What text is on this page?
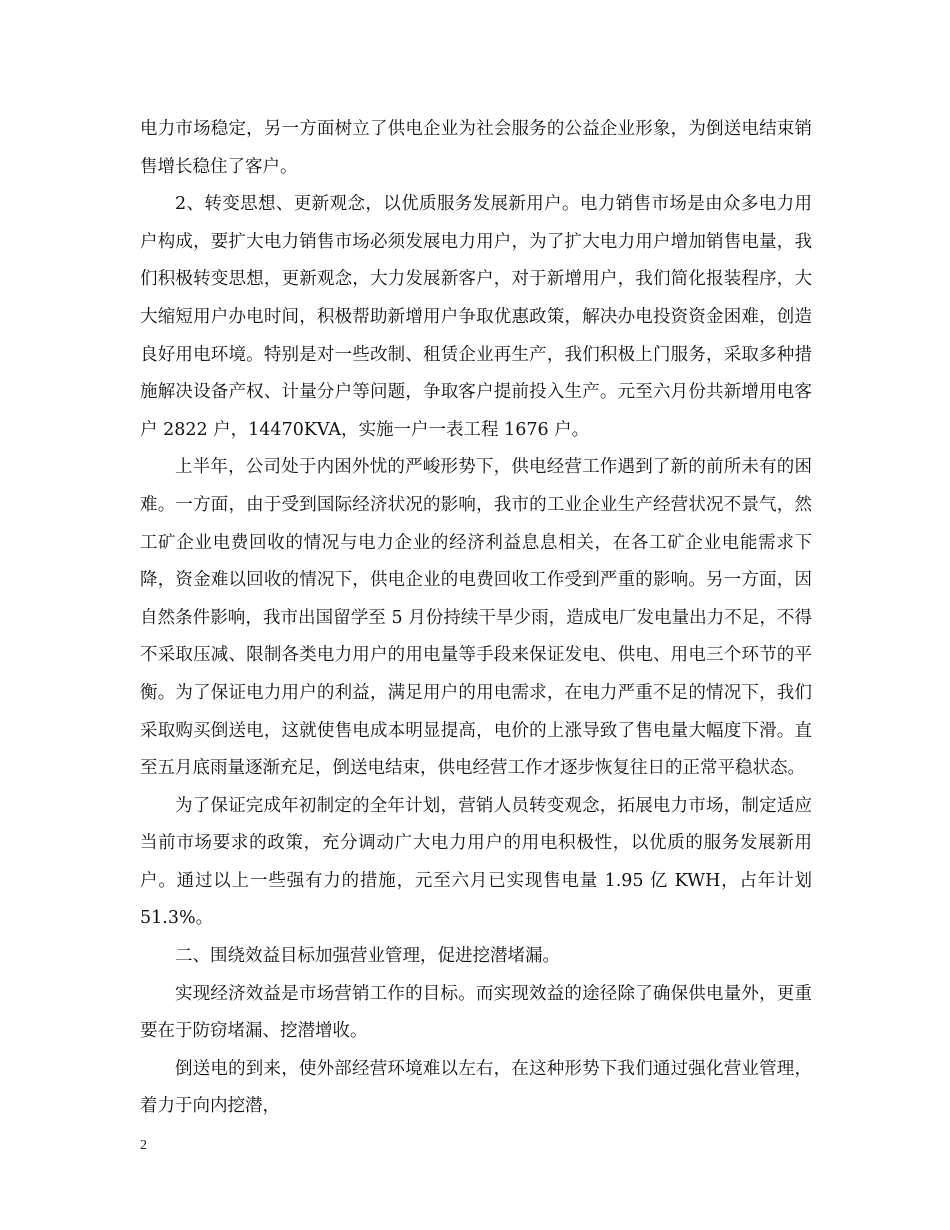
电力市场稳定，另一方面树立了供电企业为社会服务的公益企业形象，为倒送电结束销售增长稳住了客户。

2、转变思想、更新观念，以优质服务发展新用户。电力销售市场是由众多电力用户构成，要扩大电力销售市场必须发展电力用户，为了扩大电力用户增加销售电量，我们积极转变思想，更新观念，大力发展新客户，对于新增用户，我们简化报装程序，大大缩短用户办电时间，积极帮助新增用户争取优惠政策，解决办电投资资金困难，创造良好用电环境。特别是对一些改制、租赁企业再生产，我们积极上门服务，采取多种措施解决设备产权、计量分户等问题，争取客户提前投入生产。元至六月份共新增用电客户 2822 户，14470KVA，实施一户一表工程 1676 户。

上半年，公司处于内困外忧的严峻形势下，供电经营工作遇到了新的前所未有的困难。一方面，由于受到国际经济状况的影响，我市的工业企业生产经营状况不景气，然工矿企业电费回收的情况与电力企业的经济利益息息相关，在各工矿企业电能需求下降，资金难以回收的情况下，供电企业的电费回收工作受到严重的影响。另一方面，因自然条件影响，我市出国留学至 5 月份持续干旱少雨，造成电厂发电量出力不足，不得不采取压减、限制各类电力用户的用电量等手段来保证发电、供电、用电三个环节的平衡。为了保证电力用户的利益，满足用户的用电需求，在电力严重不足的情况下，我们采取购买倒送电，这就使售电成本明显提高，电价的上涨导致了售电量大幅度下滑。直至五月底雨量逐渐充足，倒送电结束，供电经营工作才逐步恢复往日的正常平稳状态。

为了保证完成年初制定的全年计划，营销人员转变观念，拓展电力市场，制定适应当前市场要求的政策，充分调动广大电力用户的用电积极性，以优质的服务发展新用户。通过以上一些强有力的措施，元至六月已实现售电量 1.95 亿 KWH，占年计划 51.3%。

二、围绕效益目标加强营业管理，促进挖潜堵漏。

实现经济效益是市场营销工作的目标。而实现效益的途径除了确保供电量外，更重要在于防窃堵漏、挖潜增收。

倒送电的到来，使外部经营环境难以左右，在这种形势下我们通过强化营业管理，着力于向内挖潜，

2
